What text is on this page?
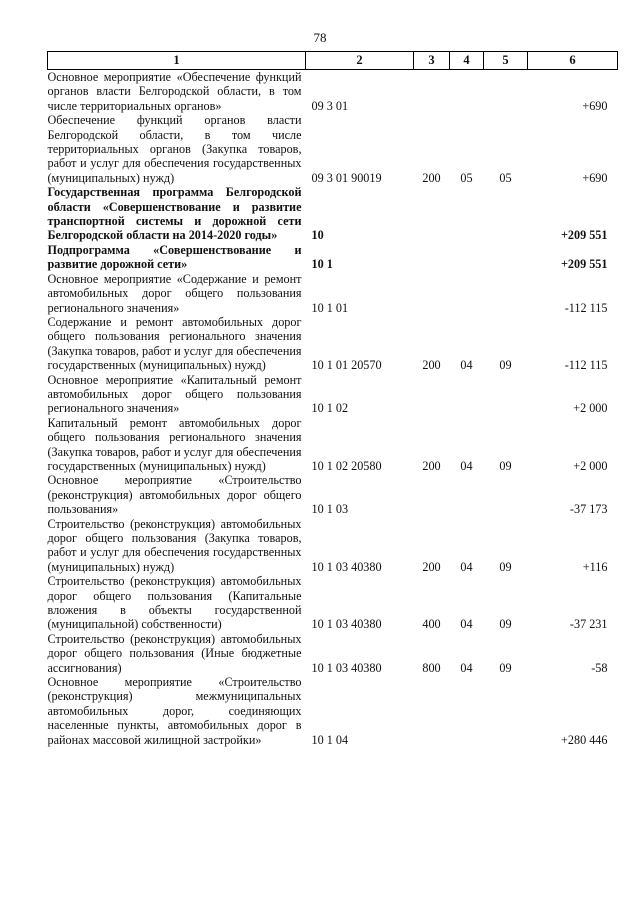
78
1	2	3	4	5	6
Основное мероприятие «Обеспечение функций органов власти Белгородской области, в том числе территориальных органов»	09 3 01				+690
Обеспечение функций органов власти Белгородской области, в том числе территориальных органов (Закупка товаров, работ и услуг для обеспечения государственных (муниципальных) нужд)	09 3 01 90019	200	05	05	+690
Государственная программа Белгородской области «Совершенствование и развитие транспортной системы и дорожной сети Белгородской области на 2014-2020 годы»	10				+209 551
Подпрограмма «Совершенствование и развитие дорожной сети»	10 1				+209 551
Основное мероприятие «Содержание и ремонт автомобильных дорог общего пользования регионального значения»	10 1 01				-112 115
Содержание и ремонт автомобильных дорог общего пользования регионального значения (Закупка товаров, работ и услуг для обеспечения государственных (муниципальных) нужд)	10 1 01 20570	200	04	09	-112 115
Основное мероприятие «Капитальный ремонт автомобильных дорог общего пользования регионального значения»	10 1 02				+2 000
Капитальный ремонт автомобильных дорог общего пользования регионального значения (Закупка товаров, работ и услуг для обеспечения государственных (муниципальных) нужд)	10 1 02 20580	200	04	09	+2 000
Основное мероприятие «Строительство (реконструкция) автомобильных дорог общего пользования»	10 1 03				-37 173
Строительство (реконструкция) автомобильных дорог общего пользования (Закупка товаров, работ и услуг для обеспечения государственных (муниципальных) нужд)	10 1 03 40380	200	04	09	+116
Строительство (реконструкция) автомобильных дорог общего пользования (Капитальные вложения в объекты государственной (муниципальной) собственности)	10 1 03 40380	400	04	09	-37 231
Строительство (реконструкция) автомобильных дорог общего пользования (Иные бюджетные ассигнования)	10 1 03 40380	800	04	09	-58
Основное мероприятие «Строительство (реконструкция) межмуниципальных автомобильных дорог, соединяющих населенные пункты, автомобильных дорог в районах массовой жилищной застройки»	10 1 04				+280 446
